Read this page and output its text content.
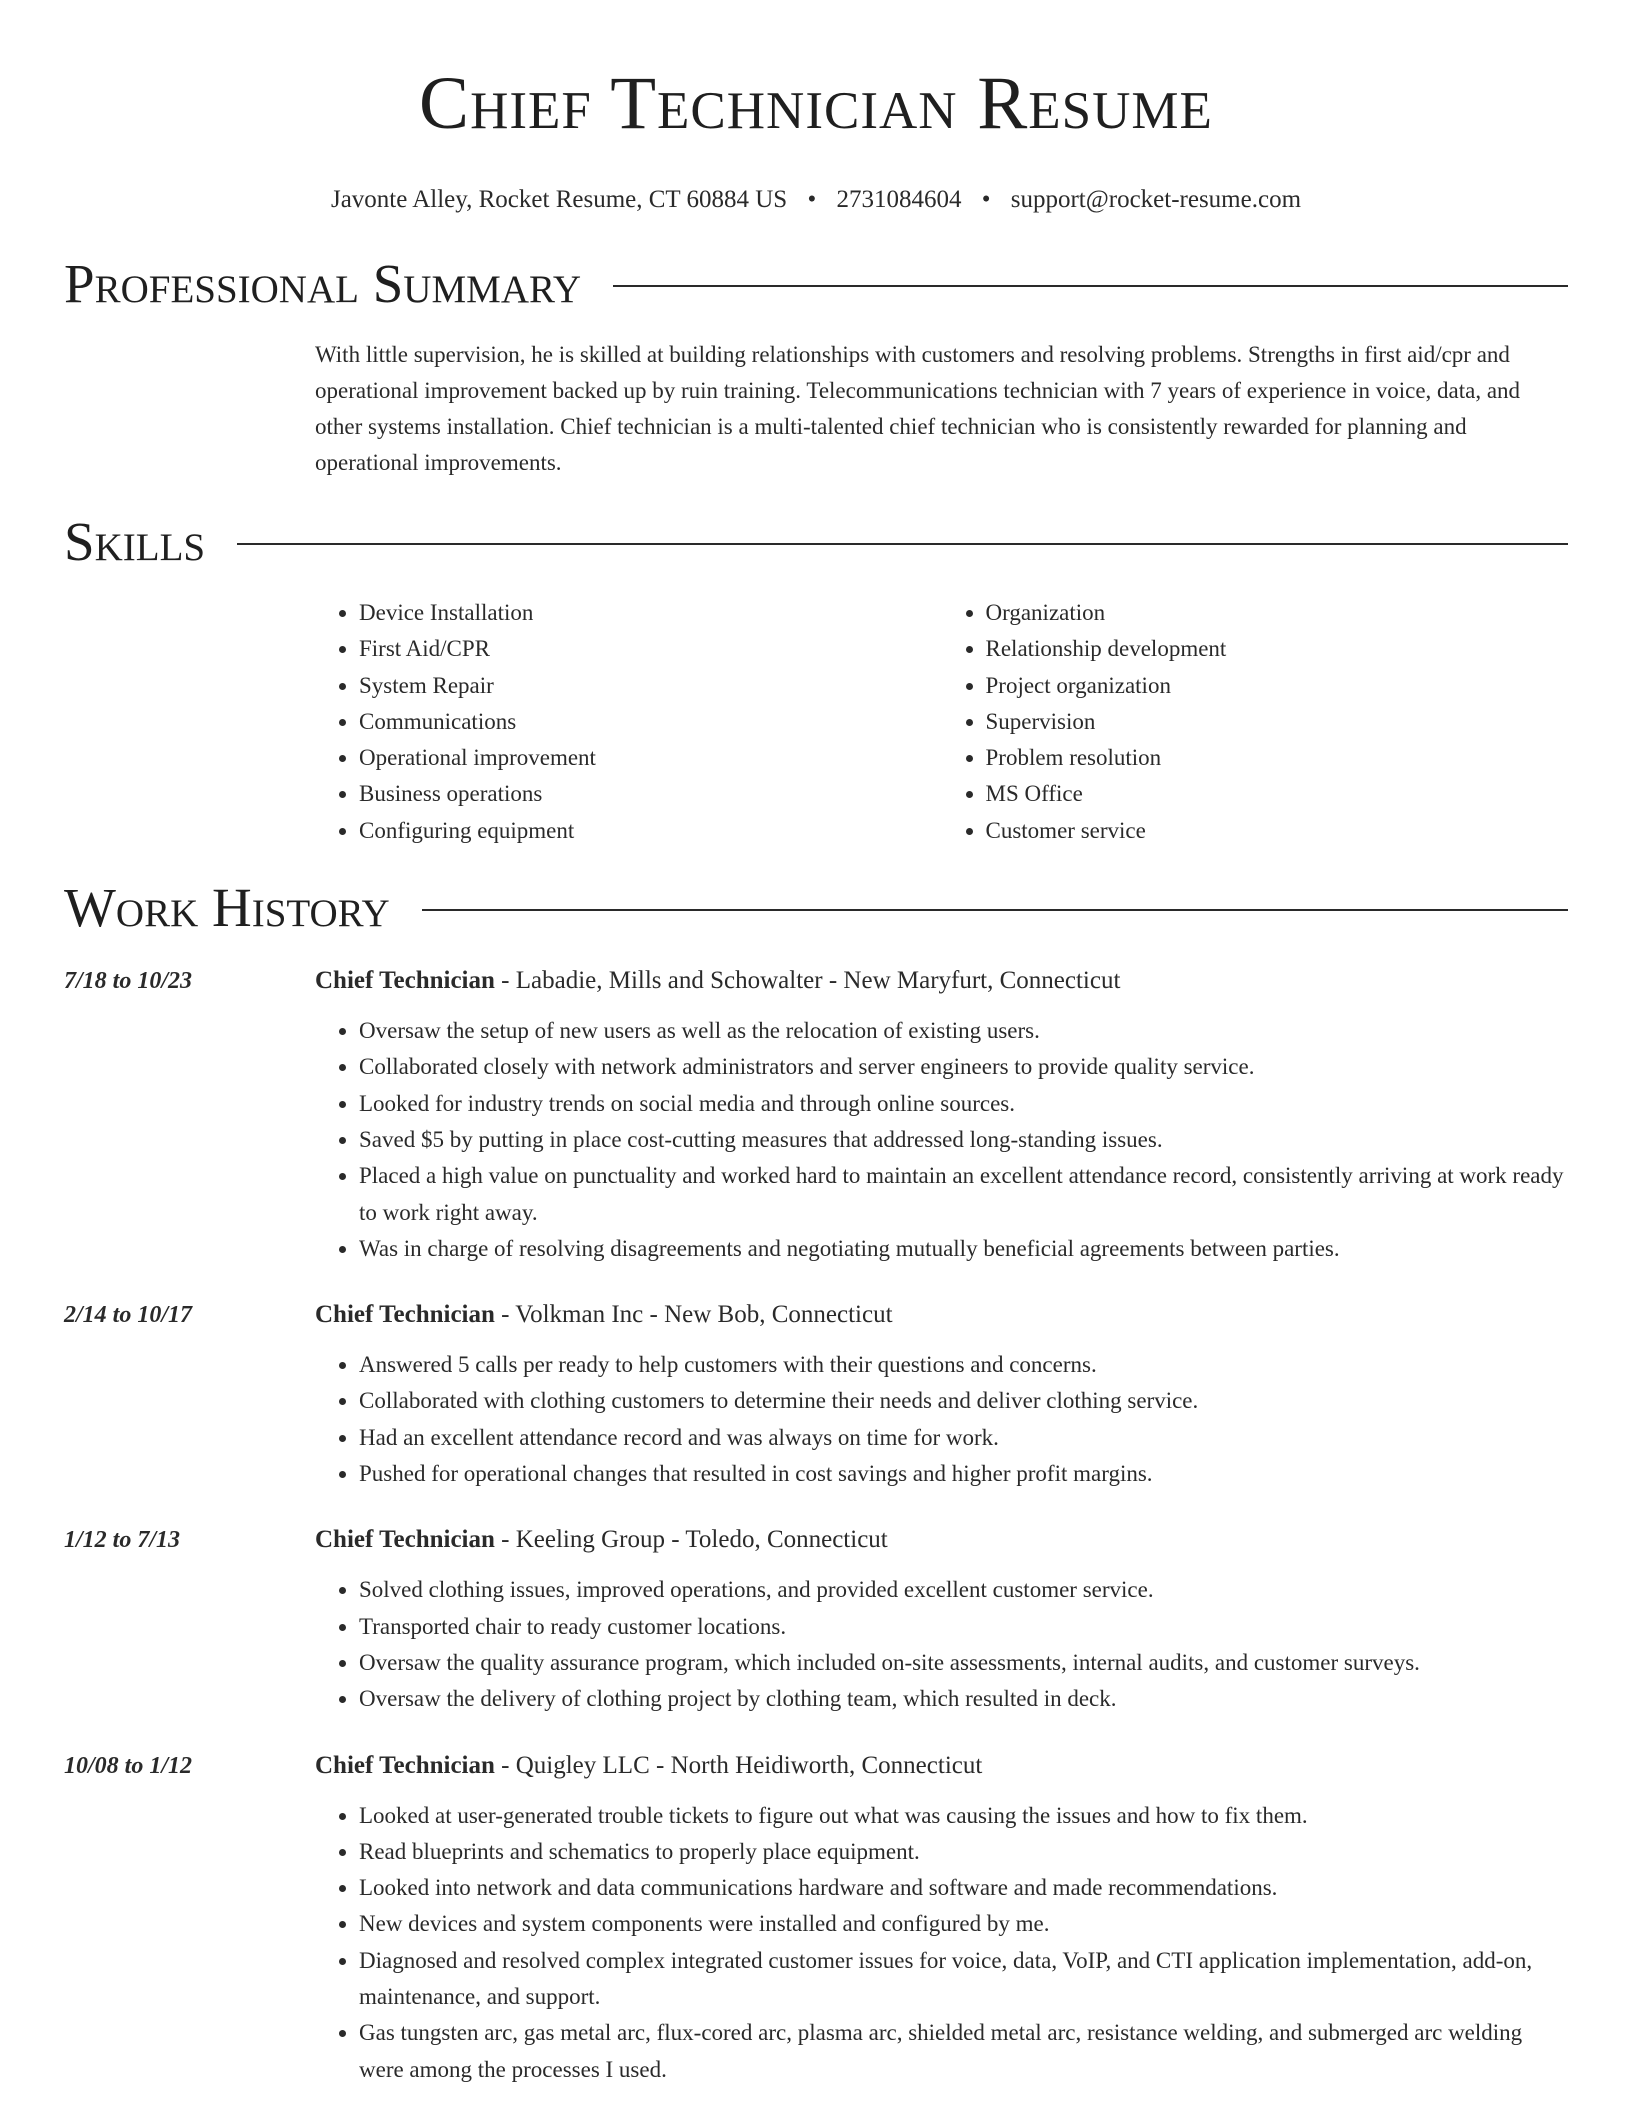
Chief Technician Resume
Javonte Alley, Rocket Resume, CT 60884 US • 2731084604 • support@rocket-resume.com
Professional Summary

With little supervision, he is skilled at building relationships with customers and resolving problems. Strengths in first aid/cpr and operational improvement backed up by ruin training. Telecommunications technician with 7 years of experience in voice, data, and other systems installation. Chief technician is a multi-talented chief technician who is consistently rewarded for planning and operational improvements.

Skills
• Device Installation
• First Aid/CPR
• System Repair
• Communications
• Operational improvement
• Business operations
• Configuring equipment
• Organization
• Relationship development
• Project organization
• Supervision
• Problem resolution
• MS Office
• Customer service
Work History
7/18 to 10/23	Chief Technician - Labadie, Mills and Schowalter - New Maryfurt, Connecticut
• Oversaw the setup of new users as well as the relocation of existing users.
• Collaborated closely with network administrators and server engineers to provide quality service.
• Looked for industry trends on social media and through online sources.
• Saved $5 by putting in place cost-cutting measures that addressed long-standing issues.
• Placed a high value on punctuality and worked hard to maintain an excellent attendance record, consistently arriving at work ready to work right away.
• Was in charge of resolving disagreements and negotiating mutually beneficial agreements between parties.
2/14 to 10/17	Chief Technician - Volkman Inc - New Bob, Connecticut
• Answered 5 calls per ready to help customers with their questions and concerns.
• Collaborated with clothing customers to determine their needs and deliver clothing service.
• Had an excellent attendance record and was always on time for work.
• Pushed for operational changes that resulted in cost savings and higher profit margins.
1/12 to 7/13	Chief Technician - Keeling Group - Toledo, Connecticut
• Solved clothing issues, improved operations, and provided excellent customer service.
• Transported chair to ready customer locations.
• Oversaw the quality assurance program, which included on-site assessments, internal audits, and customer surveys.
• Oversaw the delivery of clothing project by clothing team, which resulted in deck.
10/08 to 1/12	Chief Technician - Quigley LLC - North Heidiworth, Connecticut
• Looked at user-generated trouble tickets to figure out what was causing the issues and how to fix them.
• Read blueprints and schematics to properly place equipment.
• Looked into network and data communications hardware and software and made recommendations.
• New devices and system components were installed and configured by me.
• Diagnosed and resolved complex integrated customer issues for voice, data, VoIP, and CTI application implementation, add-on, maintenance, and support.
• Gas tungsten arc, gas metal arc, flux-cored arc, plasma arc, shielded metal arc, resistance welding, and submerged arc welding were among the processes I used.
